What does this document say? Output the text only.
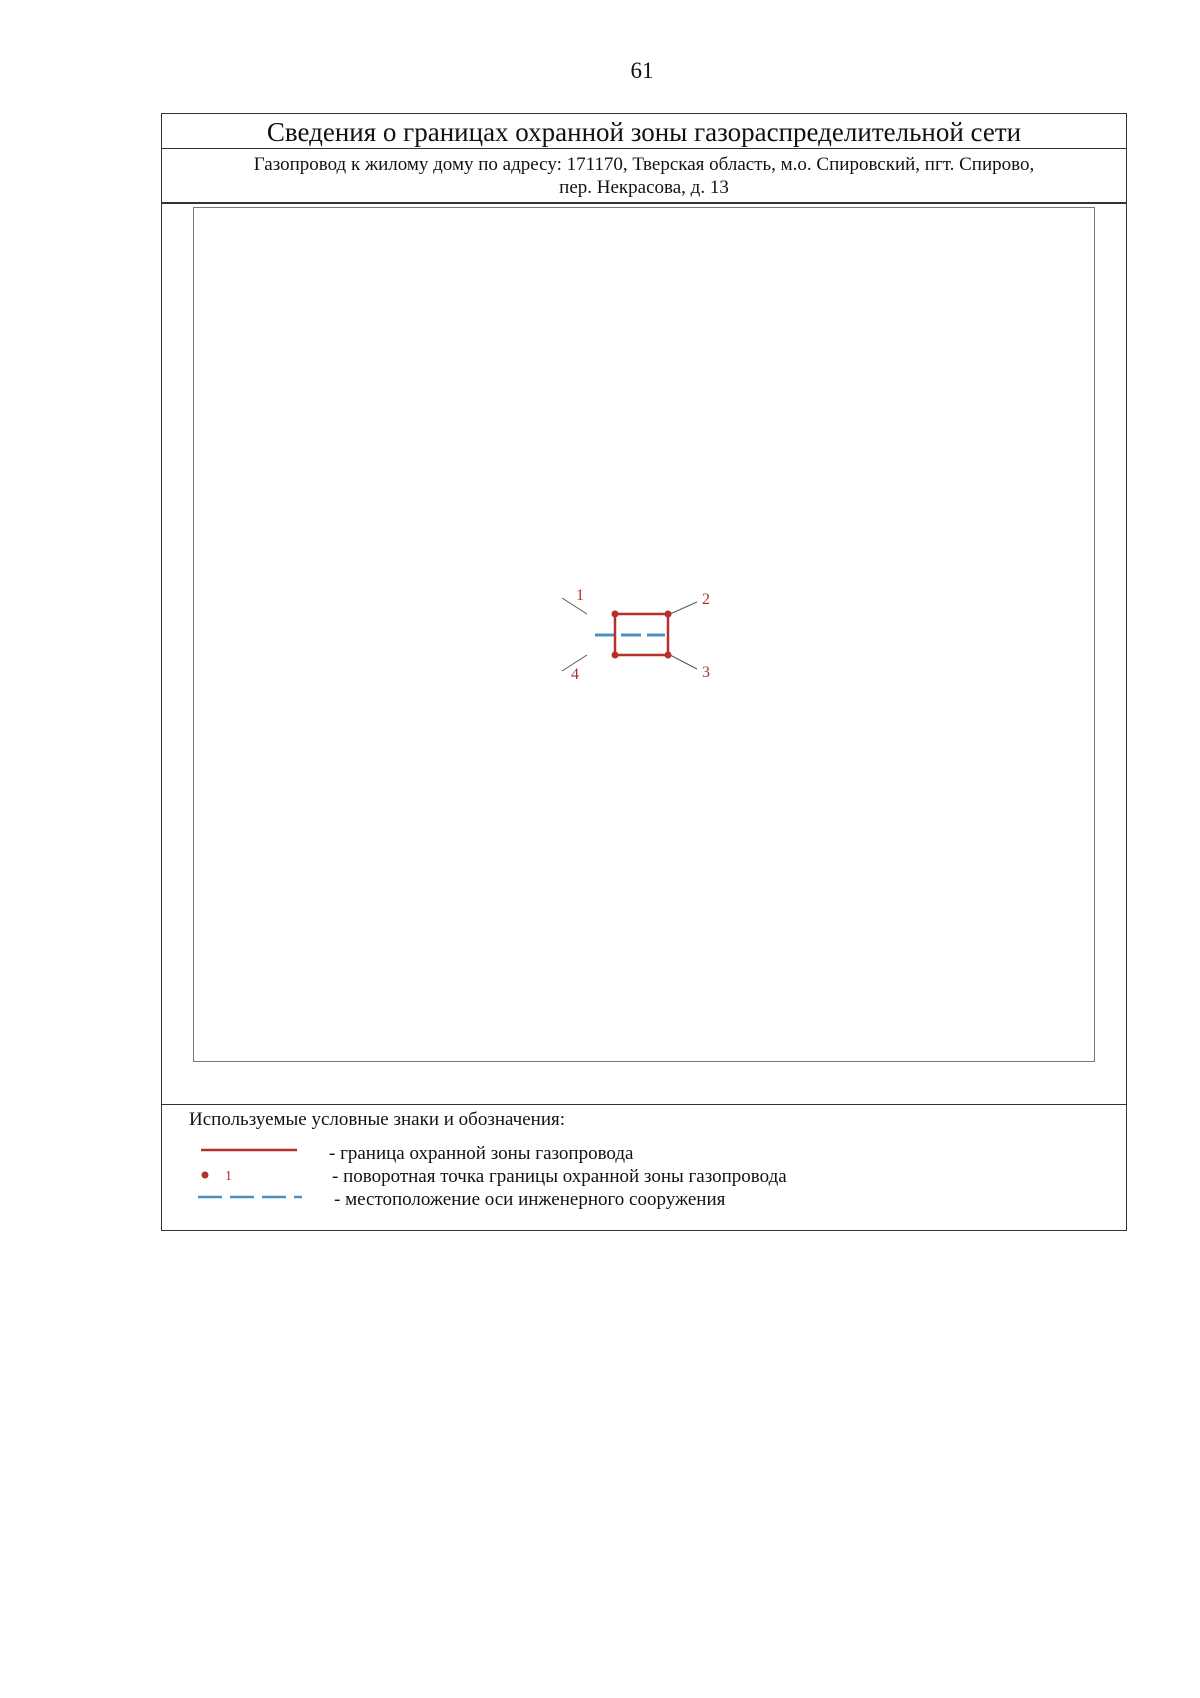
61
Сведения о границах охранной зоны газораспределительной сети
Газопровод к жилому дому по адресу: 171170, Тверская область, м.о. Спировский, пгт. Спирово,
пер. Некрасова, д. 13
1	2
3
4
Используемые условные знаки и обозначения:
- граница охранной зоны газопровода
1	- поворотная точка границы охранной зоны газопровода
- местоположение оси инженерного сооружения
